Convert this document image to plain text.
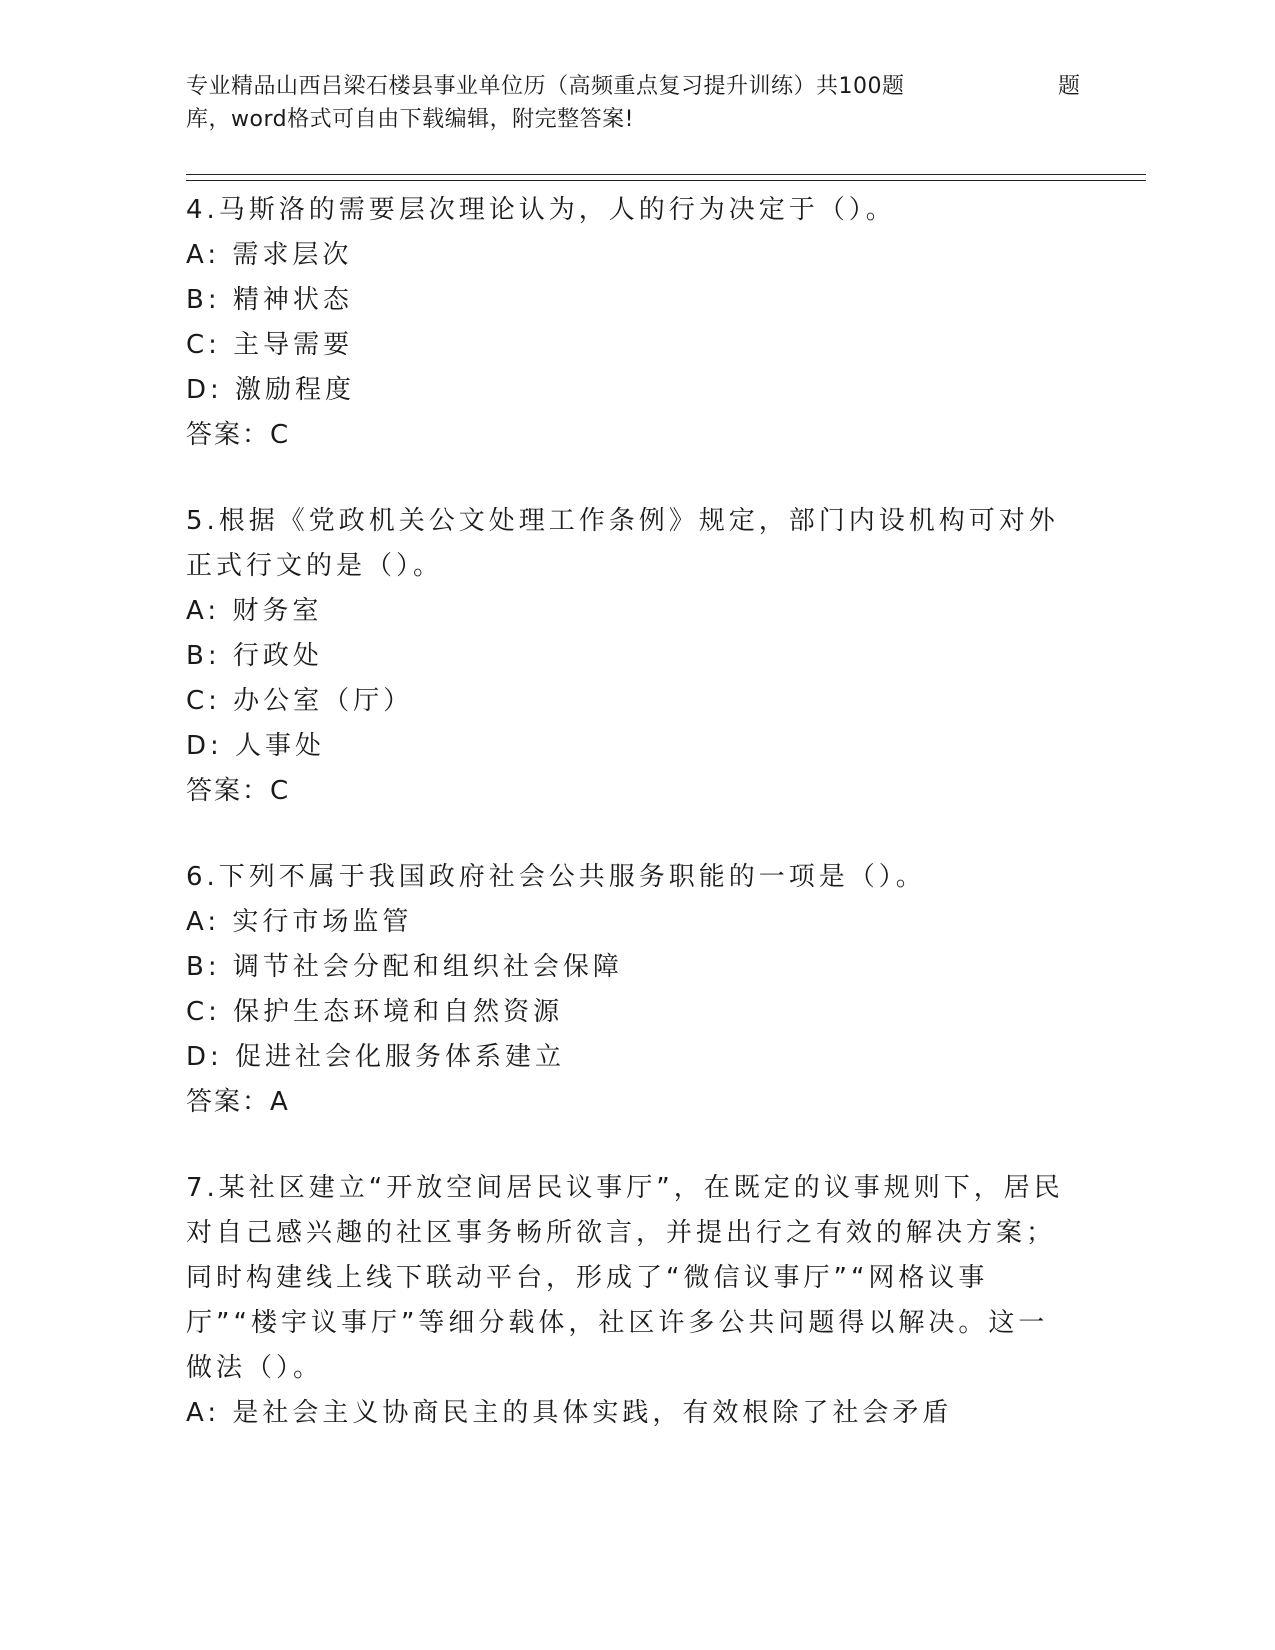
专业精品山西吕梁石楼县事业单位历（高频重点复习提升训练）共100题
库，word格式可自由下载编辑，附完整答案!
题
4.马斯洛的需要层次理论认为，人的行为决定于（）。
A: 需求层次
B: 精神状态
C: 主导需要
D: 激励程度
答案：C
5.根据《党政机关公文处理工作条例》规定，部门内设机构可对外正式行文的是（）。
A: 财务室
B: 行政处
C: 办公室（厅）
D: 人事处
答案：C
6.下列不属于我国政府社会公共服务职能的一项是（）。
A: 实行市场监管
B: 调节社会分配和组织社会保障
C: 保护生态环境和自然资源
D: 促进社会化服务体系建立
答案：A
7.某社区建立“开放空间居民议事厅”，在既定的议事规则下，居民对自己感兴趣的社区事务畅所欲言，并提出行之有效的解决方案；同时构建线上线下联动平台，形成了“微信议事厅”“网格议事厅”“楼宇议事厅”等细分载体，社区许多公共问题得以解决。这一做法（）。
A: 是社会主义协商民主的具体实践，有效根除了社会矛盾
